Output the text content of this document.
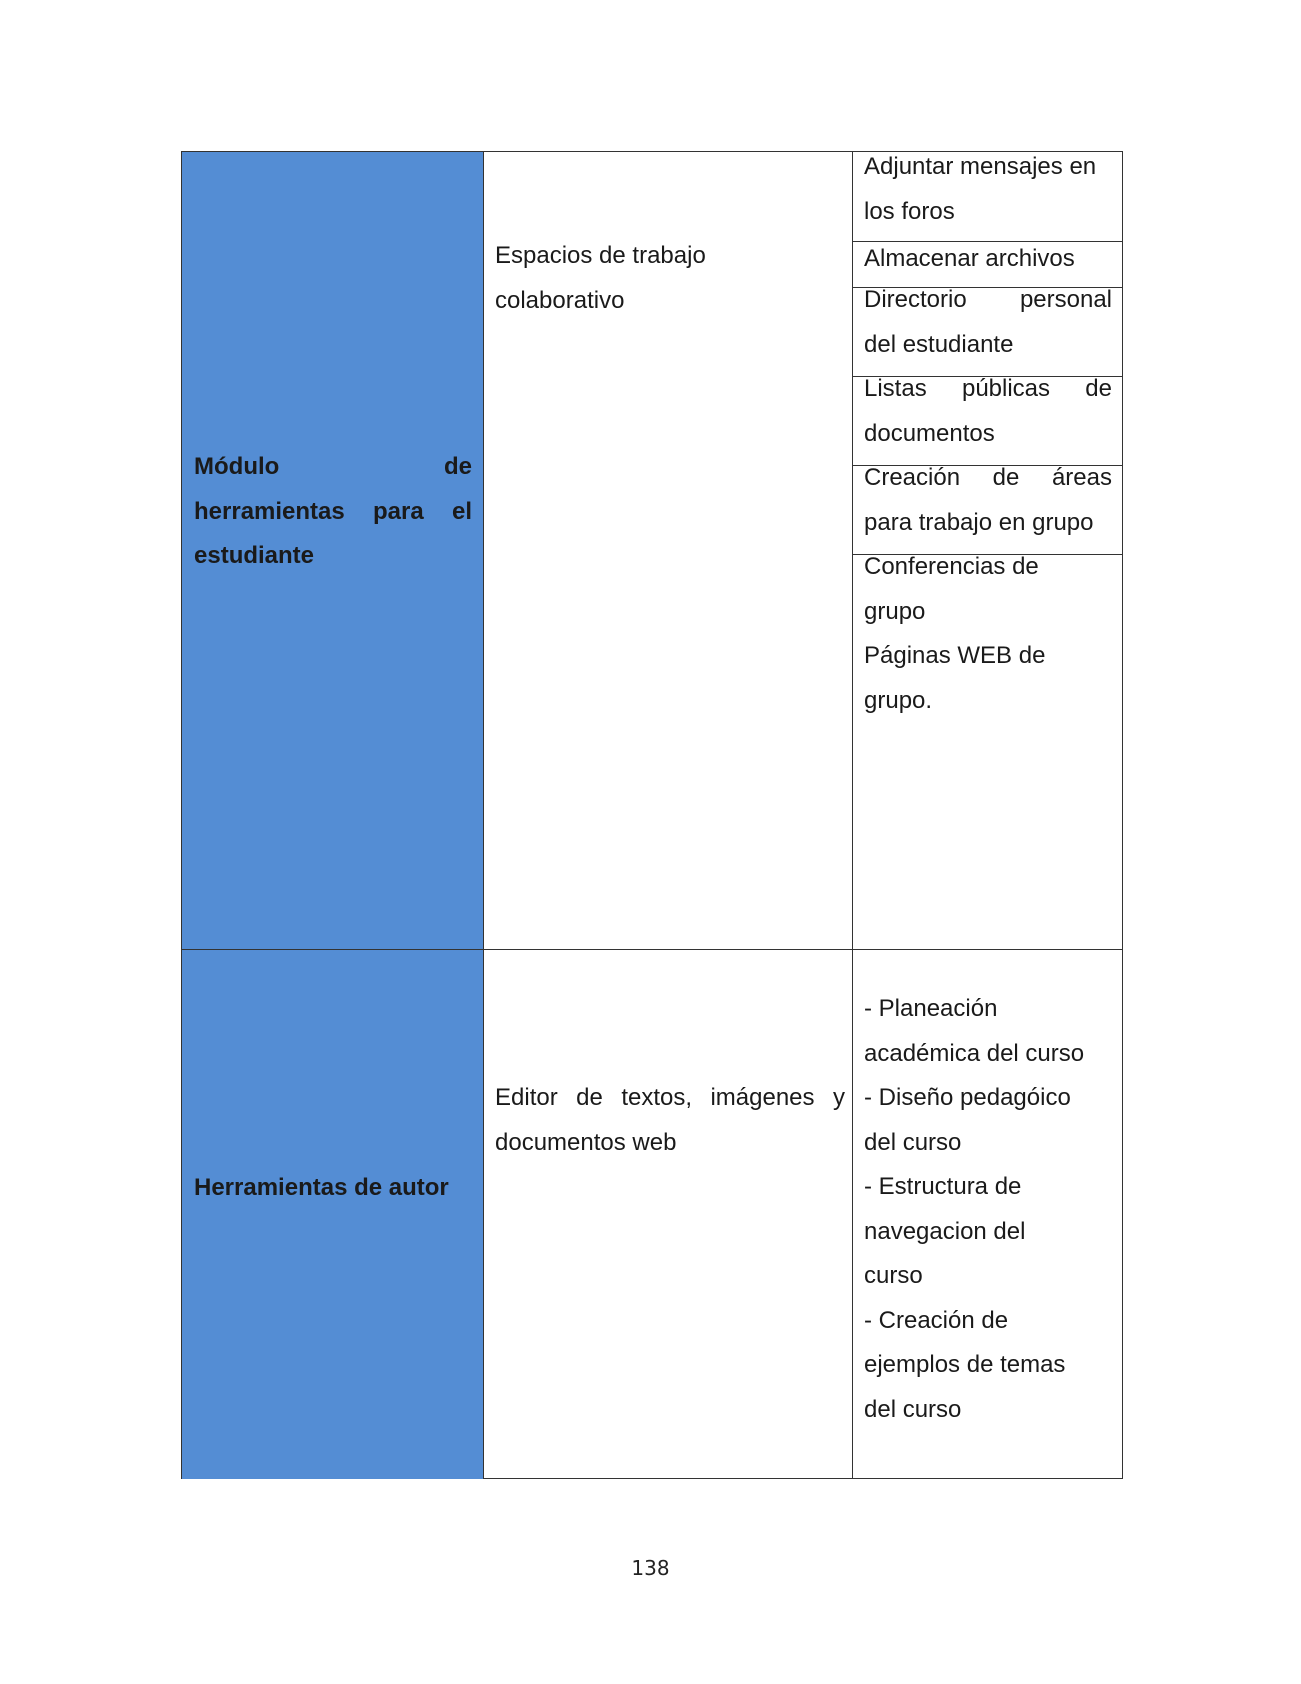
Módulo	de
herramientas para el
estudiante
Espacios de trabajo
colaborativo
Adjuntar mensajes en
los foros
Almacenar archivos
Directorio personal
del estudiante
Listas públicas de
documentos
Creación de áreas
para trabajo en grupo
Conferencias de
grupo
Páginas WEB de
grupo.
Herramientas de autor
Editor de textos, imágenes y
documentos web
- Planeación
académica del curso
- Diseño pedagóico
del curso
- Estructura de
navegacion del
curso
- Creación de
ejemplos de temas
del curso
138
